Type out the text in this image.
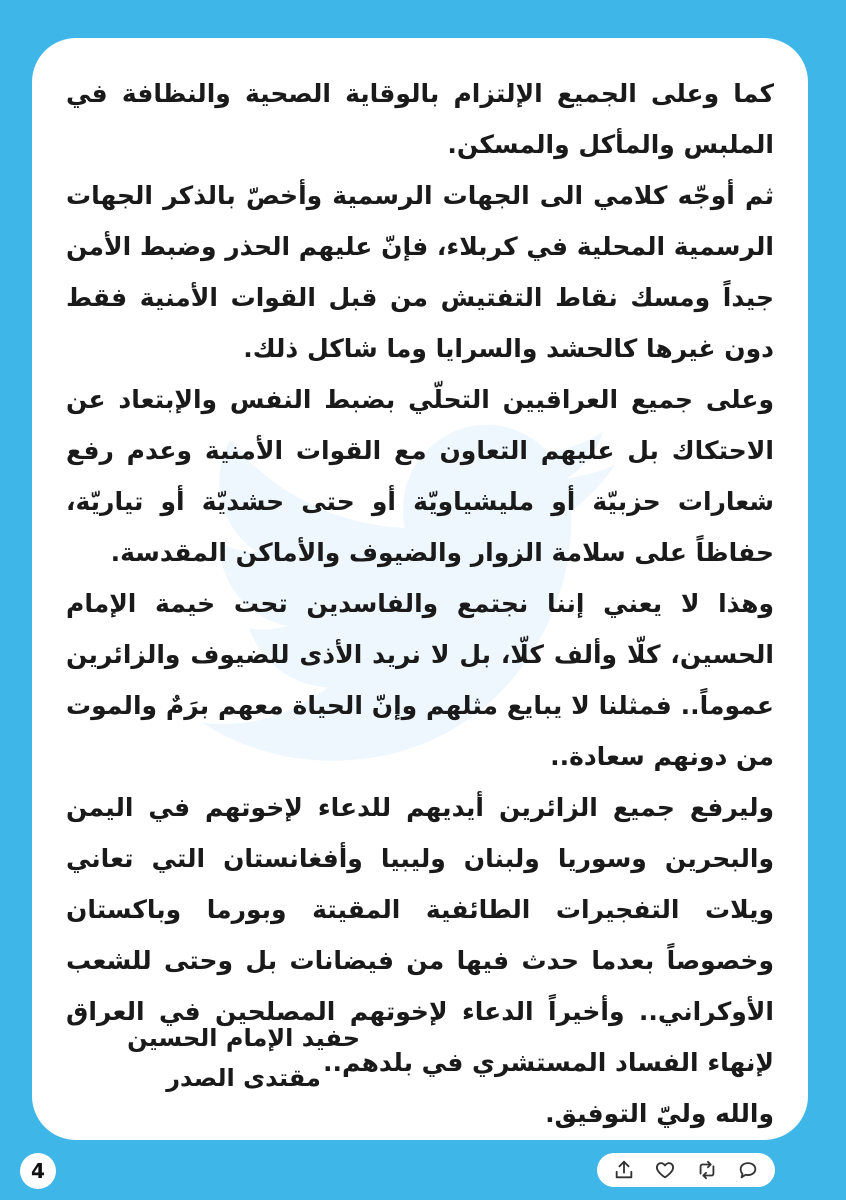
كما وعلى الجميع الإلتزام بالوقاية الصحية والنظافة في الملبس والمأكل والمسكن.

ثم أوجّه كلامي الى الجهات الرسمية وأخصّ بالذكر الجهات الرسمية المحلية في كربلاء، فإنّ عليهم الحذر وضبط الأمن جيداً ومسك نقاط التفتيش من قبل القوات الأمنية فقط دون غيرها كالحشد والسرايا وما شاكل ذلك.

وعلى جميع العراقيين التحلّي بضبط النفس والإبتعاد عن الاحتكاك بل عليهم التعاون مع القوات الأمنية وعدم رفع شعارات حزبيّة أو مليشياويّة أو حتى حشديّة أو تياريّة، حفاظاً على سلامة الزوار والضيوف والأماكن المقدسة.

وهذا لا يعني إننا نجتمع والفاسدين تحت خيمة الإمام الحسين، كلّا وألف كلّا، بل لا نريد الأذى للضيوف والزائرين عموماً.. فمثلنا لا يبايع مثلهم وإنّ الحياة معهم برَمٌ والموت من دونهم سعادة..

وليرفع جميع الزائرين أيديهم للدعاء لإخوتهم في اليمن والبحرين وسوريا ولبنان وليبيا وأفغانستان التي تعاني ويلات التفجيرات الطائفية المقيتة وبورما وباكستان وخصوصاً بعدما حدث فيها من فيضانات بل وحتى للشعب الأوكراني.. وأخيراً الدعاء لإخوتهم المصلحين في العراق لإنهاء الفساد المستشري في بلدهم..

والله وليّ التوفيق.

حفيد الإمام الحسين
مقتدى الصدر
4
